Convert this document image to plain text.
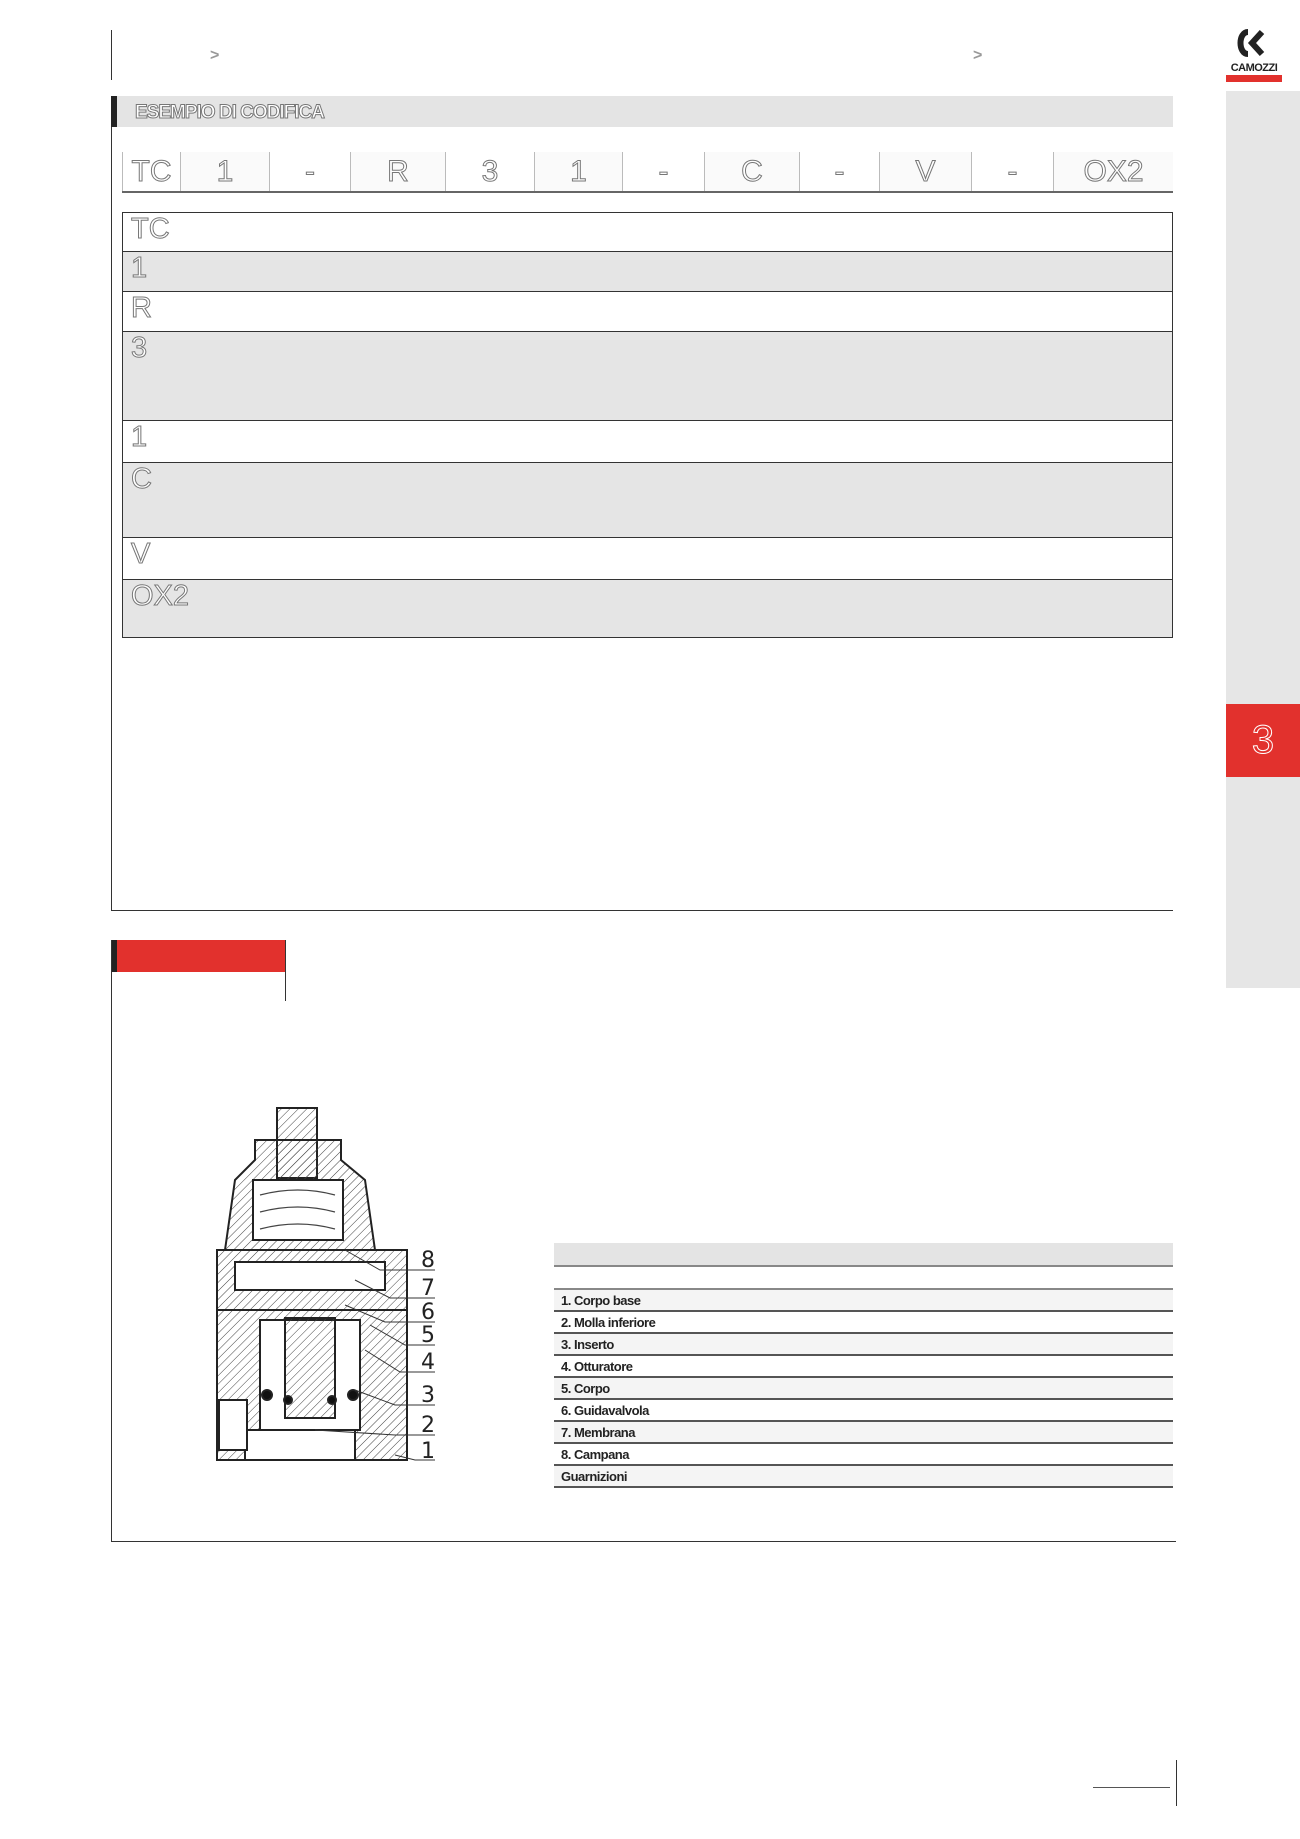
>	>
CAMOZZI
3
ESEMPIO DI CODIFICA
TC	1	-	R	3	1	-	C	-	V	-	OX2
TC
1
R
3
1
C
V
OX2
8
7
6
5
4
3
2
1
1. Corpo base
2. Molla inferiore
3. Inserto
4. Otturatore
5. Corpo
6. Guidavalvola
7. Membrana
8. Campana
Guarnizioni
